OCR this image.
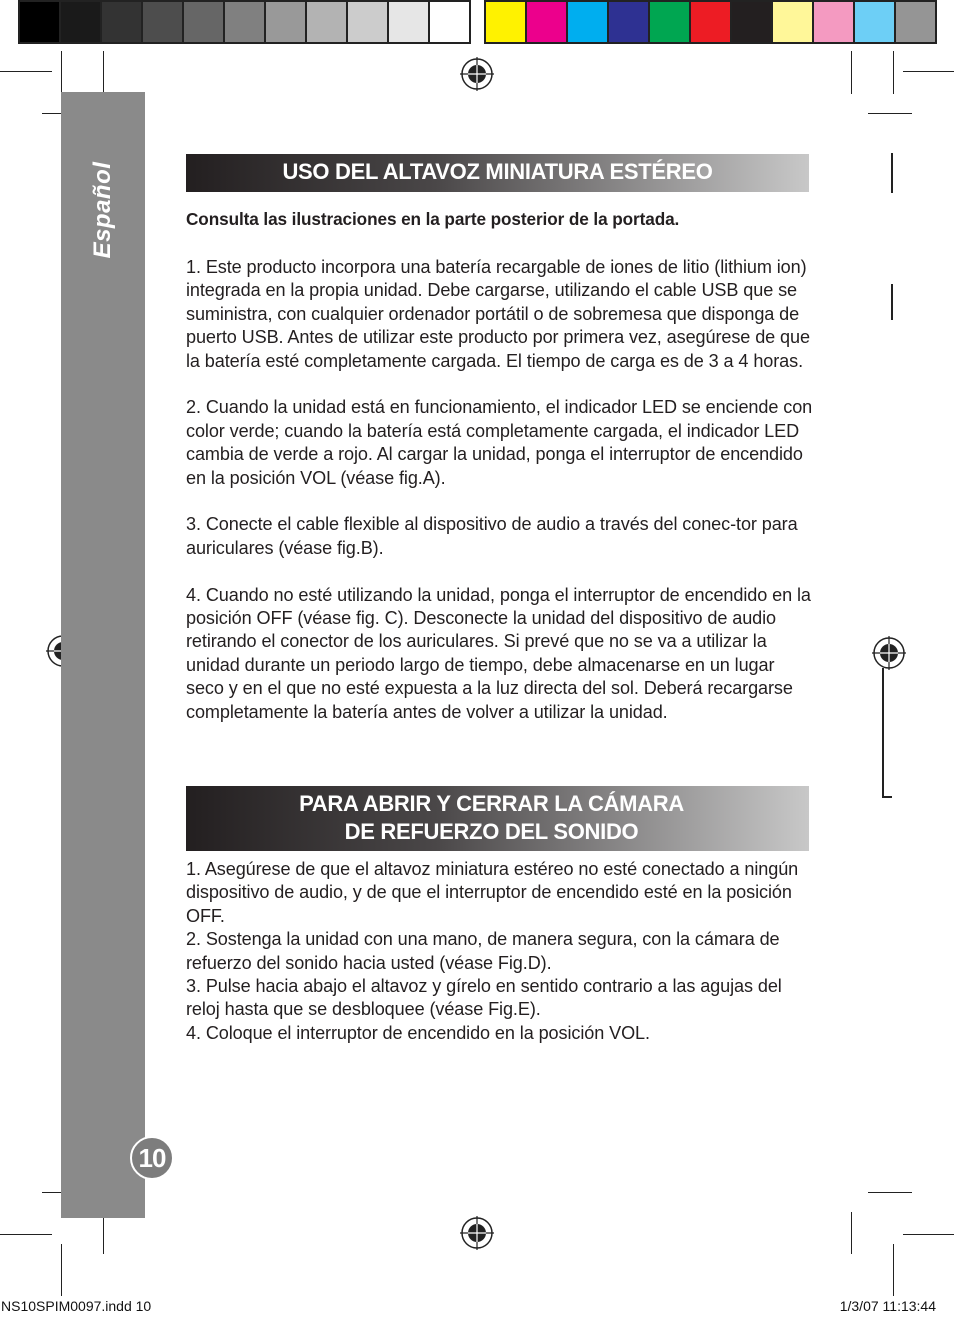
Español
10
USO DEL ALTAVOZ MINIATURA ESTÉREO
Consulta las ilustraciones en la parte posterior de la portada.

1. Este producto incorpora una batería recargable de iones de litio (lithium ion) integrada en la propia unidad. Debe cargarse, utilizando el cable USB que se suministra, con cualquier ordenador portátil o de sobremesa que disponga de puerto USB. Antes de utilizar este producto por primera vez, asegúrese de que la batería esté completamente cargada. El tiempo de carga es de 3 a 4 horas.

2. Cuando la unidad está en funcionamiento, el indicador LED se enciende con color verde; cuando la batería está completamente cargada, el indicador LED cambia de verde a rojo. Al cargar la unidad, ponga el interruptor de encendido en la posición VOL (véase fig.A).

3. Conecte el cable flexible al dispositivo de audio a través del conec-tor para auriculares (véase fig.B).

4. Cuando no esté utilizando la unidad, ponga el interruptor de encendido en la posición OFF (véase fig. C). Desconecte la unidad del dispositivo de audio retirando el conector de los auriculares. Si prevé que no se va a utilizar la unidad durante un periodo largo de tiempo, debe almacenarse en un lugar seco y en el que no esté expuesta a la luz directa del sol. Deberá recargarse completamente la batería antes de volver a utilizar la unidad.

PARA ABRIR Y CERRAR LA CÁMARA
DE REFUERZO DEL SONIDO

1. Asegúrese de que el altavoz miniatura estéreo no esté conectado a ningún dispositivo de audio, y de que el interruptor de encendido esté en la posición OFF.

2. Sostenga la unidad con una mano, de manera segura, con la cámara de refuerzo del sonido hacia usted (véase Fig.D).

3. Pulse hacia abajo el altavoz y gírelo en sentido contrario a las agujas del reloj hasta que se desbloquee (véase Fig.E).

4. Coloque el interruptor de encendido en la posición VOL.

NS10SPIM0097.indd 10	1/3/07 11:13:44
